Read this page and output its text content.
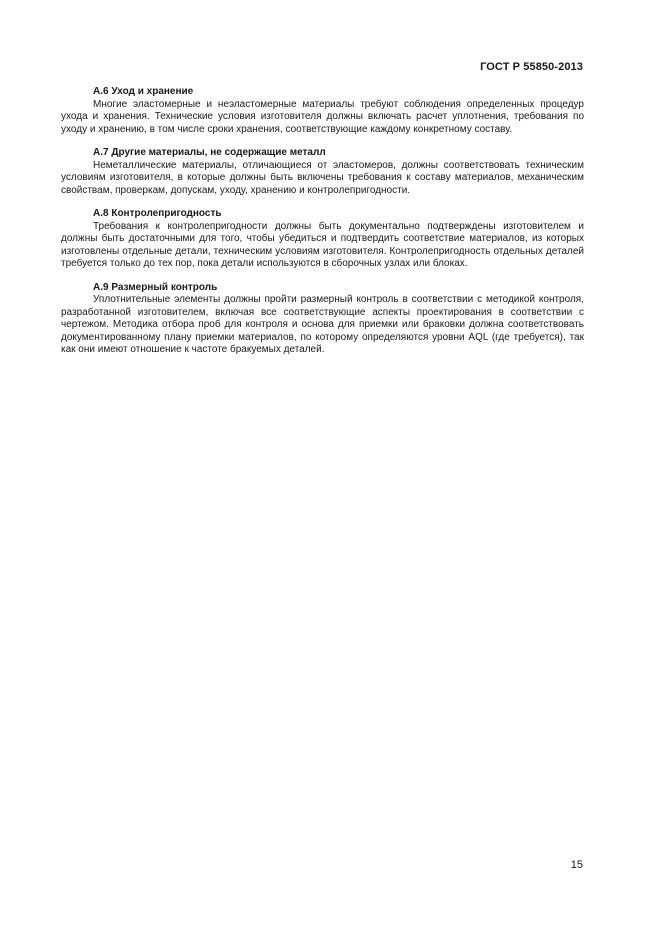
ГОСТ Р 55850-2013

А.6 Уход и хранение

Многие эластомерные и неэластомерные материалы требуют соблюдения определенных процедур ухода и хранения. Технические условия изготовителя должны включать расчет уплотнения, требования по уходу и хранению, в том числе сроки хранения, соответствующие каждому конкретному составу.

А.7 Другие материалы, не содержащие металл

Неметаллические материалы, отличающиеся от эластомеров, должны соответствовать техническим условиям изготовителя, в которые должны быть включены требования к составу материалов, механическим свойствам, проверкам, допускам, уходу, хранению и контролепригодности.

А.8 Контролепригодность

Требования к контролепригодности должны быть документально подтверждены изготовителем и должны быть достаточными для того, чтобы убедиться и подтвердить соответствие материалов, из которых изготовлены отдельные детали, техническим условиям изготовителя. Контролепригодность отдельных деталей требуется только до тех пор, пока детали используются в сборочных узлах или блоках.

А.9 Размерный контроль

Уплотнительные элементы должны пройти размерный контроль в соответствии с методикой контроля, разработанной изготовителем, включая все соответствующие аспекты проектирования в соответствии с чертежом. Методика отбора проб для контроля и основа для приемки или браковки должна соответствовать документированному плану приемки материалов, по которому определяются уровни AQL (где требуется), так как они имеют отношение к частоте бракуемых деталей.

15
